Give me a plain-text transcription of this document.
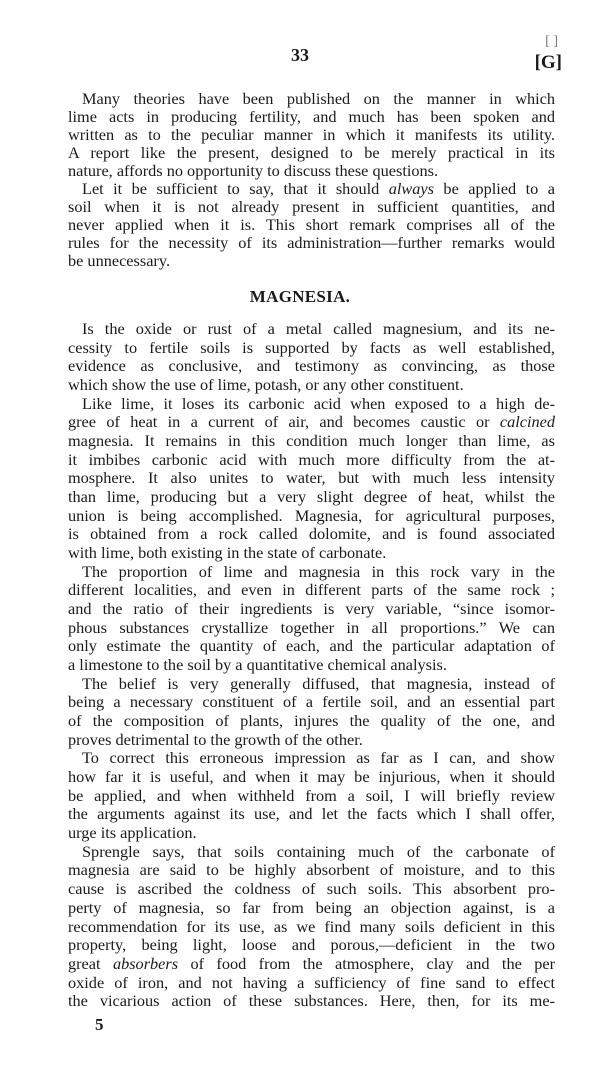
[ ]
33	[G]
Many theories have been published on the manner in which
lime acts in producing fertility, and much has been spoken and
written as to the peculiar manner in which it manifests its utility.
A report like the present, designed to be merely practical in its
nature, affords no opportunity to discuss these questions.
Let it be sufficient to say, that it should always be applied to a
soil when it is not already present in sufficient quantities, and
never applied when it is. This short remark comprises all of the
rules for the necessity of its administration—further remarks would
be unnecessary.
MAGNESIA.
Is the oxide or rust of a metal called magnesium, and its ne-
cessity to fertile soils is supported by facts as well established,
evidence as conclusive, and testimony as convincing, as those
which show the use of lime, potash, or any other constituent.
Like lime, it loses its carbonic acid when exposed to a high de-
gree of heat in a current of air, and becomes caustic or calcined
magnesia. It remains in this condition much longer than lime, as
it imbibes carbonic acid with much more difficulty from the at-
mosphere. It also unites to water, but with much less intensity
than lime, producing but a very slight degree of heat, whilst the
union is being accomplished. Magnesia, for agricultural purposes,
is obtained from a rock called dolomite, and is found associated
with lime, both existing in the state of carbonate.
The proportion of lime and magnesia in this rock vary in the
different localities, and even in different parts of the same rock ;
and the ratio of their ingredients is very variable, “since isomor-
phous substances crystallize together in all proportions.” We can
only estimate the quantity of each, and the particular adaptation of
a limestone to the soil by a quantitative chemical analysis.
The belief is very generally diffused, that magnesia, instead of
being a necessary constituent of a fertile soil, and an essential part
of the composition of plants, injures the quality of the one, and
proves detrimental to the growth of the other.
To correct this erroneous impression as far as I can, and show
how far it is useful, and when it may be injurious, when it should
be applied, and when withheld from a soil, I will briefly review
the arguments against its use, and let the facts which I shall offer,
urge its application.
Sprengle says, that soils containing much of the carbonate of
magnesia are said to be highly absorbent of moisture, and to this
cause is ascribed the coldness of such soils. This absorbent pro-
perty of magnesia, so far from being an objection against, is a
recommendation for its use, as we find many soils deficient in this
property, being light, loose and porous,—deficient in the two
great absorbers of food from the atmosphere, clay and the per
oxide of iron, and not having a sufficiency of fine sand to effect
the vicarious action of these substances. Here, then, for its me-
5
